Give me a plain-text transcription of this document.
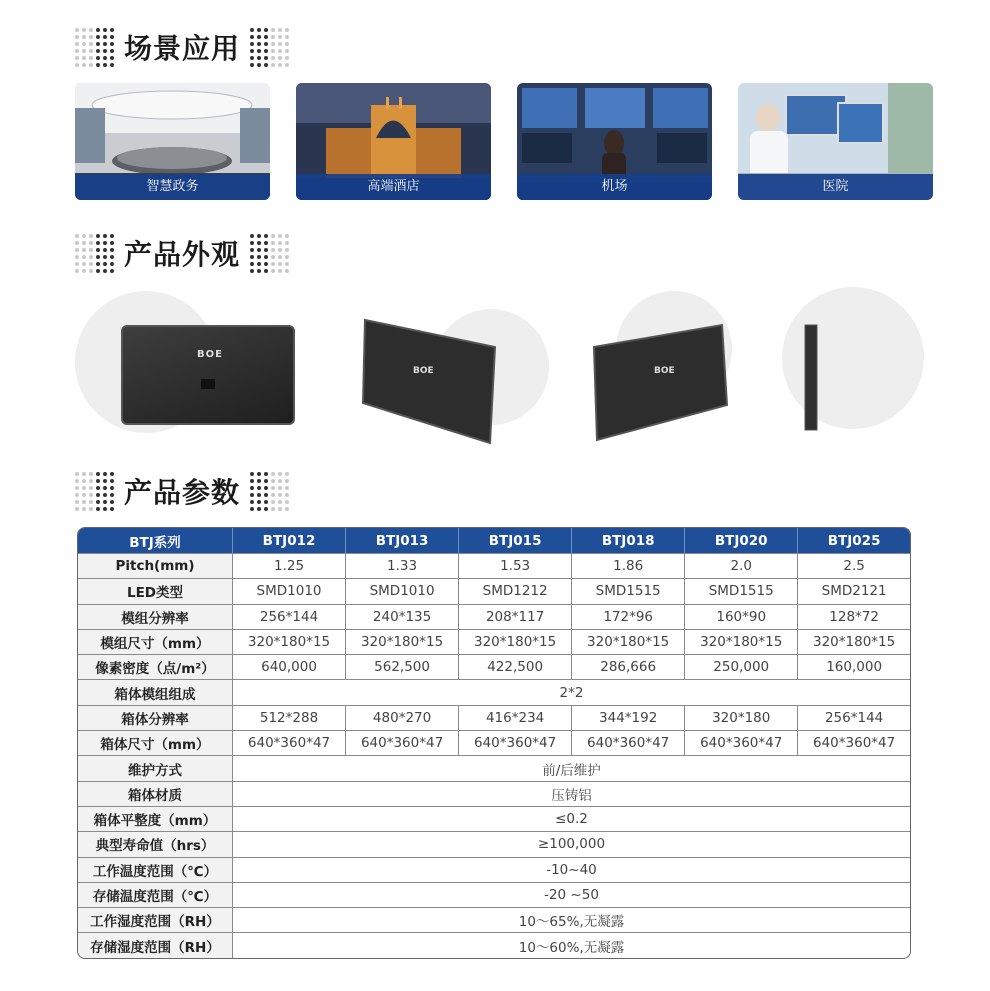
场景应用
智慧政务	高端酒店	机场	医院
产品外观
BOE
BOE	BOE
产品参数
BTJ系列	BTJ012	BTJ013	BTJ015	BTJ018	BTJ020	BTJ025
Pitch(mm)	1.25	1.33	1.53	1.86	2.0	2.5
LED类型	SMD1010	SMD1010	SMD1212	SMD1515	SMD1515	SMD2121
模组分辨率	256*144	240*135	208*117	172*96	160*90	128*72
模组尺寸（mm）	320*180*15	320*180*15	320*180*15	320*180*15	320*180*15	320*180*15
像素密度（点/m²）	640,000	562,500	422,500	286,666	250,000	160,000
箱体模组组成	2*2					
箱体分辨率	512*288	480*270	416*234	344*192	320*180	256*144
箱体尺寸（mm）	640*360*47	640*360*47	640*360*47	640*360*47	640*360*47	640*360*47
维护方式	前/后维护					
箱体材质	压铸铝					
箱体平整度（mm）	≤0.2					
典型寿命值（hrs）	≥100,000					
工作温度范围（℃）	-10~40					
存储温度范围（℃）	-20 ~50					
工作湿度范围（RH）	10～65%,无凝露					
存储湿度范围（RH）	10～60%,无凝露					
